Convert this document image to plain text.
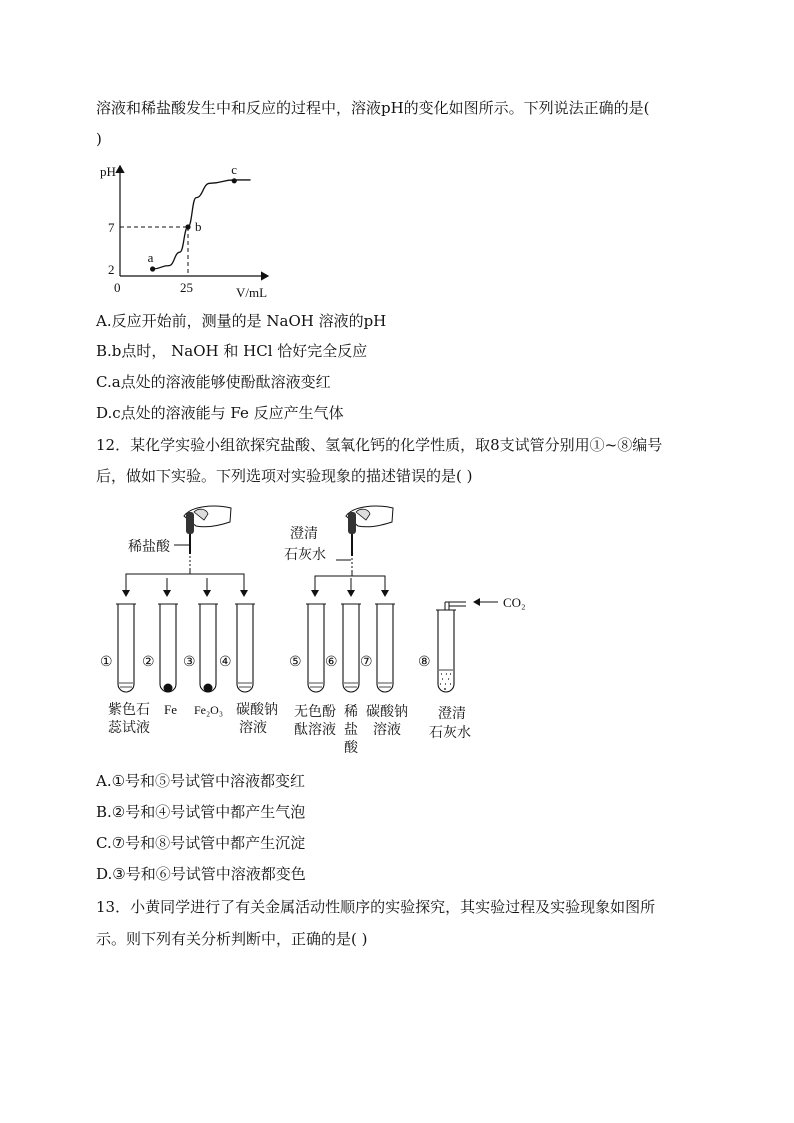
溶液和稀盐酸发生中和反应的过程中，溶液pH的变化如图所示。下列说法正确的是(
)
pH
V/mL
0	25
7
2
a
b
c
A.反应开始前，测量的是 NaOH 溶液的pH
B.b点时， NaOH 和 HCl 恰好完全反应
C.a点处的溶液能够使酚酞溶液变红
D.c点处的溶液能与 Fe 反应产生气体
12．某化学实验小组欲探究盐酸、氢氧化钙的化学性质，取8支试管分别用①~⑧编号
后，做如下实验。下列选项对实验现象的描述错误的是( )
稀盐酸
澄清
石灰水
CO₂
①
紫色石
蕊试液
②
Fe
③
Fe₂O₃
④
碳酸钠
溶液
⑤
无色酚
酞溶液
⑥
稀
盐
酸
⑦
碳酸钠
溶液
⑧
澄清
石灰水
A.①号和⑤号试管中溶液都变红
B.②号和④号试管中都产生气泡
C.⑦号和⑧号试管中都产生沉淀
D.③号和⑥号试管中溶液都变色
13．小黄同学进行了有关金属活动性顺序的实验探究，其实验过程及实验现象如图所
示。则下列有关分析判断中，正确的是( )
